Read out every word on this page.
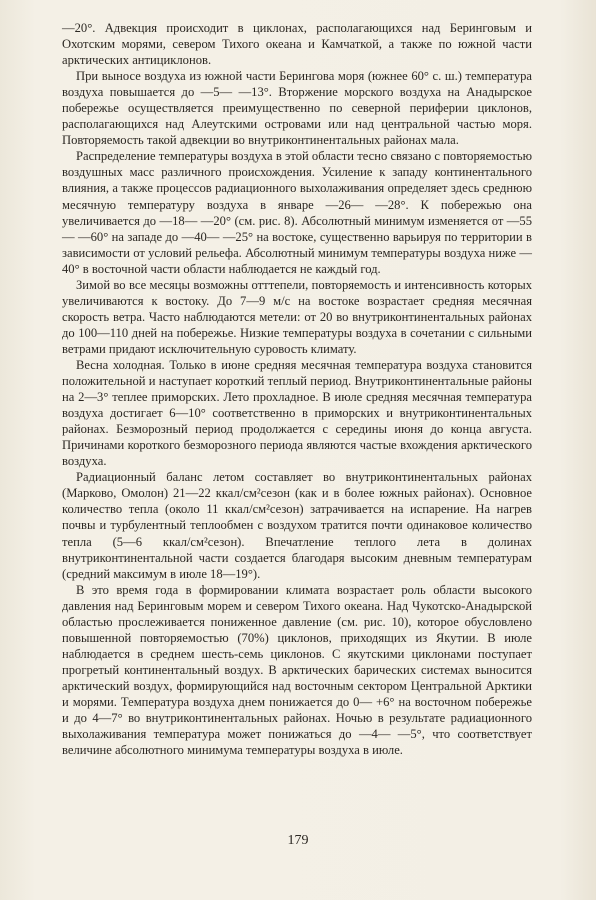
—20°. Адвекция происходит в циклонах, располагающихся над Беринговым и Охотским морями, севером Тихого океана и Камчаткой, а также по южной части арктических антициклонов.

При выносе воздуха из южной части Берингова моря (южнее 60° с. ш.) температура воздуха повышается до —5— —13°. Вторжение морского воздуха на Анадырское побережье осуществляется преимущественно по северной периферии циклонов, располагающихся над Алеутскими островами или над центральной частью моря. Повторяемость такой адвекции во внутриконтинентальных районах мала.

Распределение температуры воздуха в этой области тесно связано с повторяемостью воздушных масс различного происхождения. Усиление к западу континентального влияния, а также процессов радиационного выхолаживания определяет здесь среднюю месячную температуру воздуха в январе —26— —28°. К побережью она увеличивается до —18— —20° (см. рис. 8). Абсолютный минимум изменяется от —55— —60° на западе до —40— —25° на востоке, существенно варьируя по территории в зависимости от условий рельефа. Абсолютный минимум температуры воздуха ниже —40° в восточной части области наблюдается не каждый год.

Зимой во все месяцы возможны отттепели, повторяемость и интенсивность которых увеличиваются к востоку. До 7—9 м/с на востоке возрастает средняя месячная скорость ветра. Часто наблюдаются метели: от 20 во внутриконтинентальных районах до 100—110 дней на побережье. Низкие температуры воздуха в сочетании с сильными ветрами придают исключительную суровость климату.

Весна холодная. Только в июне средняя месячная температура воздуха становится положительной и наступает короткий теплый период. Внутриконтинентальные районы на 2—3° теплее приморских. Лето прохладное. В июле средняя месячная температура воздуха достигает 6—10° соответственно в приморских и внутриконтинентальных районах. Безморозный период продолжается с середины июня до конца августа. Причинами короткого безморозного периода являются частые вхождения арктического воздуха.

Радиационный баланс летом составляет во внутриконтинентальных районах (Марково, Омолон) 21—22 ккал/см²сезон (как и в более южных районах). Основное количество тепла (около 11 ккал/см²сезон) затрачивается на испарение. На нагрев почвы и турбулентный теплообмен с воздухом тратится почти одинаковое количество тепла (5—6 ккал/см²сезон). Впечатление теплого лета в долинах внутриконтинентальной части создается благодаря высоким дневным температурам (средний максимум в июле 18—19°).

В это время года в формировании климата возрастает роль области высокого давления над Беринговым морем и севером Тихого океана. Над Чукотско-Анадырской областью прослеживается пониженное давление (см. рис. 10), которое обусловлено повышенной повторяемостью (70%) циклонов, приходящих из Якутии. В июле наблюдается в среднем шесть-семь циклонов. С якутскими циклонами поступает прогретый континентальный воздух. В арктических барических системах выносится арктический воздух, формирующийся над восточным сектором Центральной Арктики и морями. Температура воздуха днем понижается до 0— +6° на восточном побережье и до 4—7° во внутриконтинентальных районах. Ночью в результате радиационного выхолаживания температура может понижаться до —4— —5°, что соответствует величине абсолютного минимума температуры воздуха в июле.

179
